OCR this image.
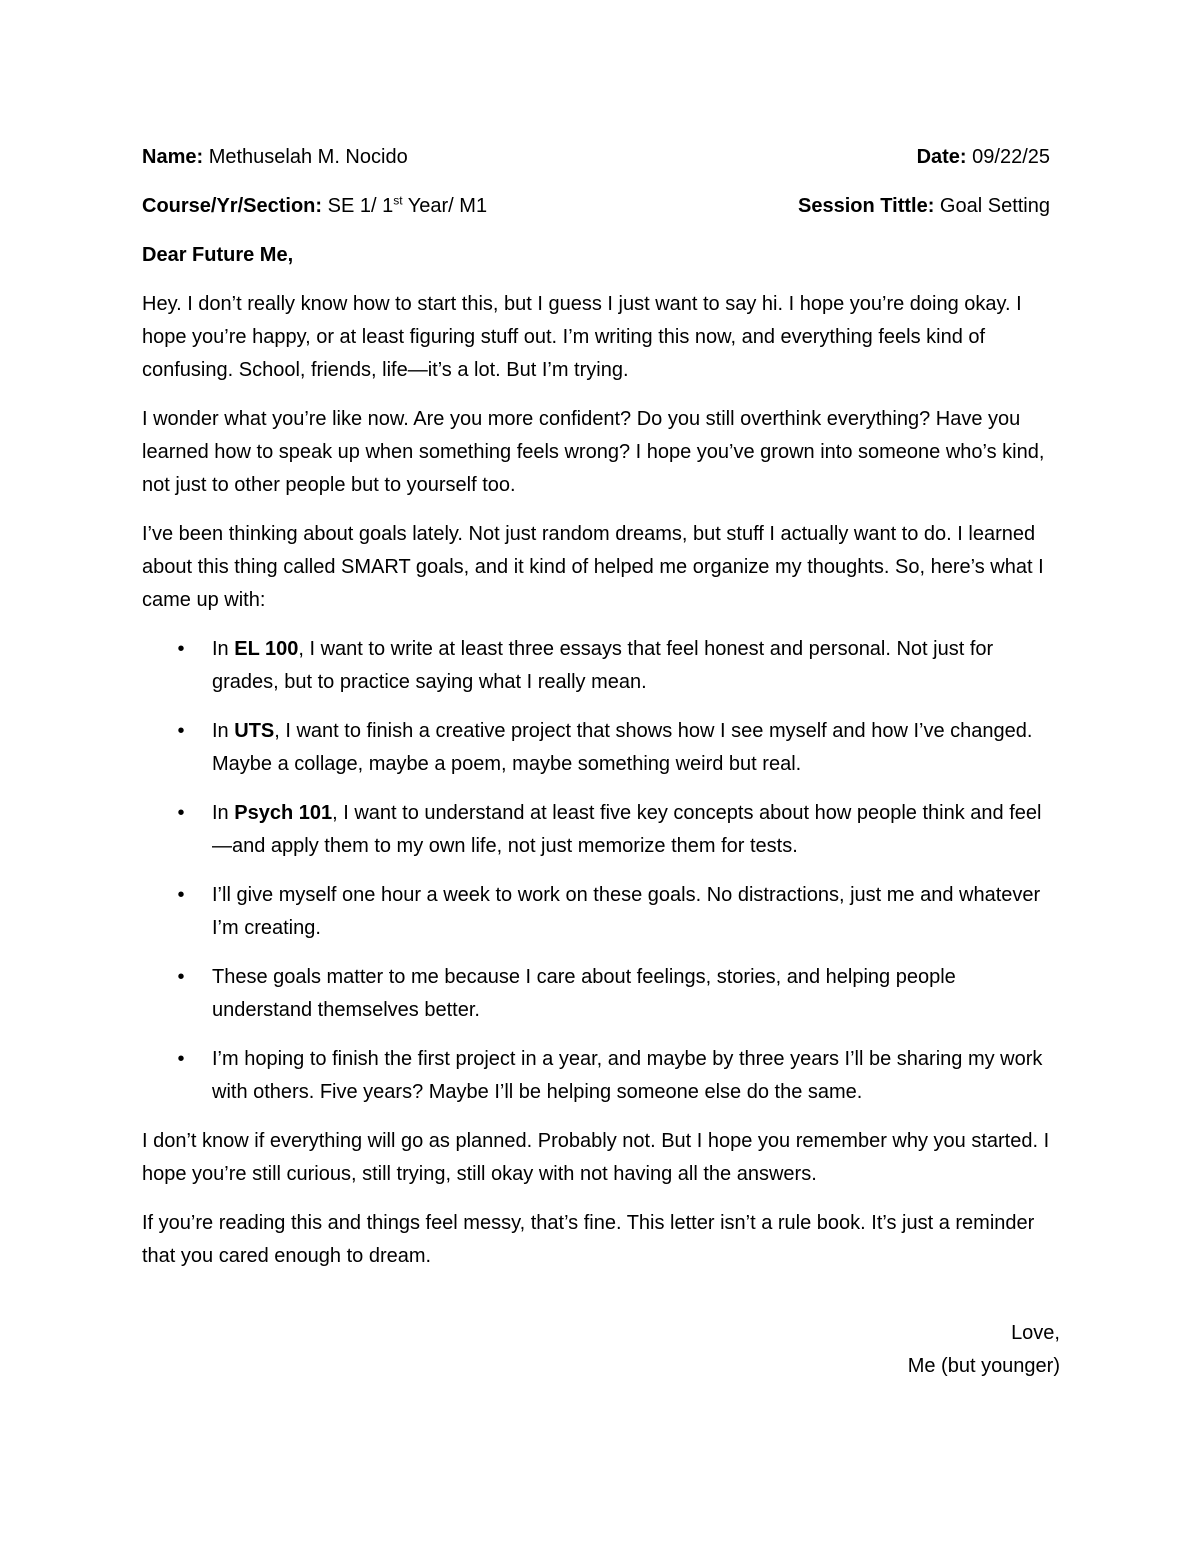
Name: Methuselah M. Nocido	Date: 09/22/25
Course/Yr/Section: SE 1/ 1st Year/ M1	Session Tittle: Goal Setting
Dear Future Me,

Hey. I don’t really know how to start this, but I guess I just want to say hi. I hope you’re doing okay. I hope you’re happy, or at least figuring stuff out. I’m writing this now, and everything feels kind of confusing. School, friends, life—it’s a lot. But I’m trying.

I wonder what you’re like now. Are you more confident? Do you still overthink everything? Have you learned how to speak up when something feels wrong? I hope you’ve grown into someone who’s kind, not just to other people but to yourself too.

I’ve been thinking about goals lately. Not just random dreams, but stuff I actually want to do. I learned about this thing called SMART goals, and it kind of helped me organize my thoughts. So, here’s what I came up with:

• In EL 100, I want to write at least three essays that feel honest and personal. Not just for grades, but to practice saying what I really mean.
• In UTS, I want to finish a creative project that shows how I see myself and how I’ve changed. Maybe a collage, maybe a poem, maybe something weird but real.
• In Psych 101, I want to understand at least five key concepts about how people think and feel—and apply them to my own life, not just memorize them for tests.
• I’ll give myself one hour a week to work on these goals. No distractions, just me and whatever I’m creating.
• These goals matter to me because I care about feelings, stories, and helping people understand themselves better.
• I’m hoping to finish the first project in a year, and maybe by three years I’ll be sharing my work with others. Five years? Maybe I’ll be helping someone else do the same.

I don’t know if everything will go as planned. Probably not. But I hope you remember why you started. I hope you’re still curious, still trying, still okay with not having all the answers.

If you’re reading this and things feel messy, that’s fine. This letter isn’t a rule book. It’s just a reminder that you cared enough to dream.

Love,
Me (but younger)
